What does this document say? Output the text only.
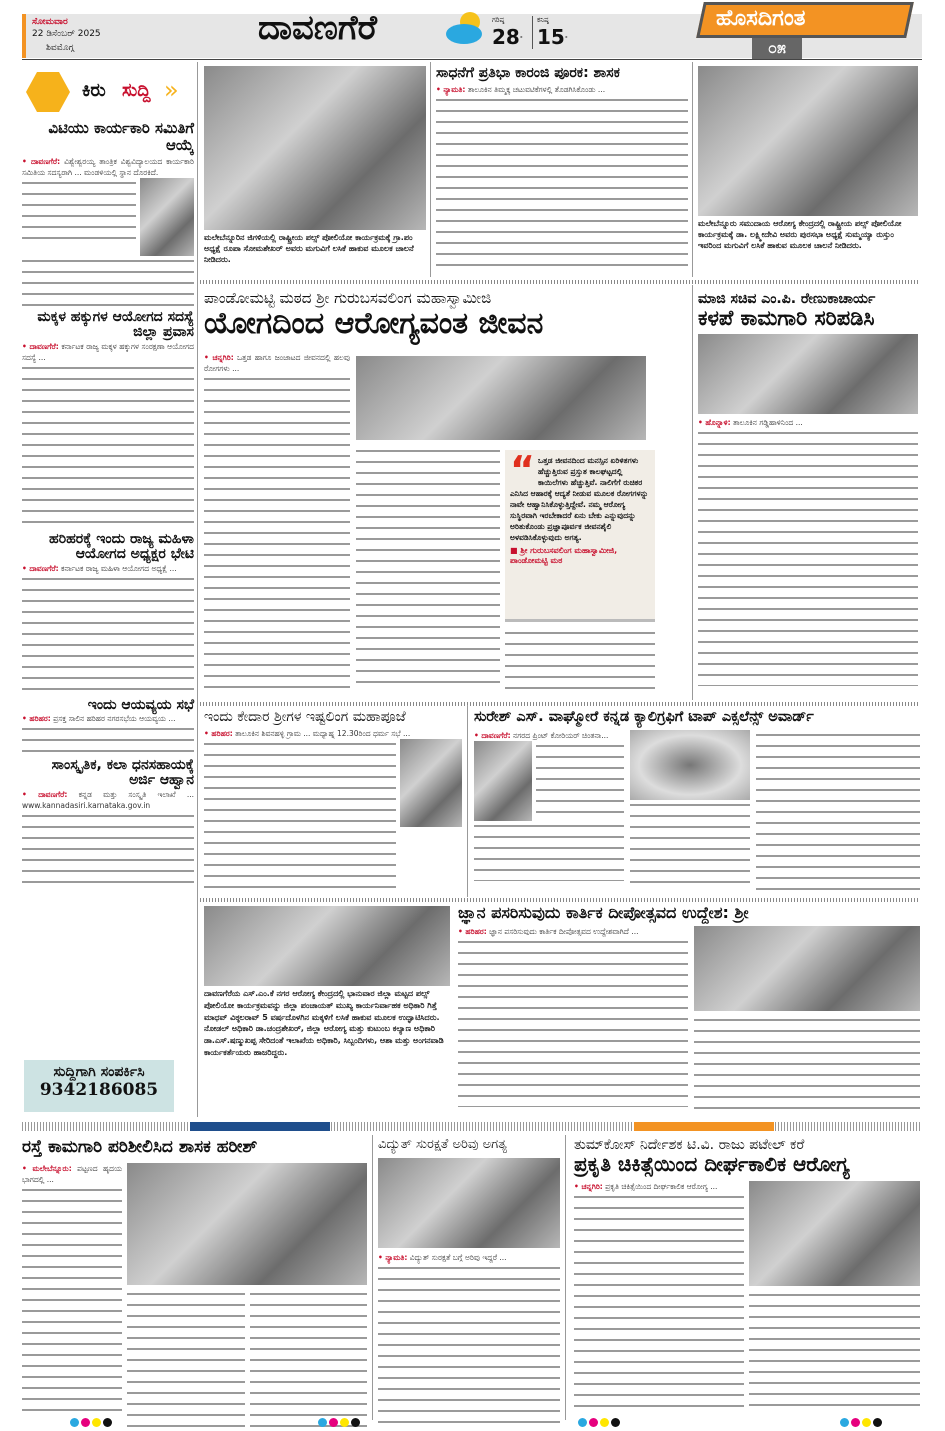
ಸೋಮವಾರ
22 ಡಿಸೆಂಬರ್ 2025
ಶಿವಮೊಗ್ಗ	ದಾವಣಗೆರೆ	ಗರಿಷ್ಠ
28°
ಕನಿಷ್ಠ
15°
ಹೊಸದಿಗಂತ
೦೫
ಕಿರು ಸುದ್ದಿ »
ವಿಟಿಯು ಕಾರ್ಯಕಾರಿ ಸಮಿತಿಗೆ ಆಯ್ಕೆ
• ದಾವಣಗೆರೆ: ವಿಶ್ವೇಶ್ವರಯ್ಯ ತಾಂತ್ರಿಕ ವಿಶ್ವವಿದ್ಯಾಲಯದ ಕಾರ್ಯಕಾರಿ ಸಮಿತಿಯ ಸದಸ್ಯರಾಗಿ ... ಮಂಡಳಿಯಲ್ಲಿ ಸ್ಥಾನ ದೊರಕಿದೆ.
ಮಕ್ಕಳ ಹಕ್ಕುಗಳ ಆಯೋಗದ ಸದಸ್ಯೆ ಜಿಲ್ಲಾ ಪ್ರವಾಸ
• ದಾವಣಗೆರೆ: ಕರ್ನಾಟಕ ರಾಜ್ಯ ಮಕ್ಕಳ ಹಕ್ಕುಗಳ ಸಂರಕ್ಷಣಾ ಆಯೋಗದ ಸದಸ್ಯೆ ...
ಹರಿಹರಕ್ಕೆ ಇಂದು ರಾಜ್ಯ ಮಹಿಳಾ ಆಯೋಗದ ಅಧ್ಯಕ್ಷರ ಭೇಟಿ
• ದಾವಣಗೆರೆ: ಕರ್ನಾಟಕ ರಾಜ್ಯ ಮಹಿಳಾ ಆಯೋಗದ ಅಧ್ಯಕ್ಷೆ ...
ಇಂದು ಆಯವ್ಯಯ ಸಭೆ
• ಹರಿಹರ: ಪ್ರಸಕ್ತ ಸಾಲಿನ ಹರಿಹರ ನಗರಸಭೆಯ ಆಯವ್ಯಯ ...
ಸಾಂಸ್ಕೃತಿಕ, ಕಲಾ ಧನಸಹಾಯಕ್ಕೆ ಅರ್ಜಿ ಆಹ್ವಾನ
• ದಾವಣಗೆರೆ: ಕನ್ನಡ ಮತ್ತು ಸಂಸ್ಕೃತಿ ಇಲಾಖೆ ... www.kannadasiri.karnataka.gov.in
ಸುದ್ದಿಗಾಗಿ ಸಂಪರ್ಕಿಸಿ
9342186085
ಮಲೇಬೆನ್ನೂರಿನ ಜಿಗಳಿಯಲ್ಲಿ ರಾಷ್ಟ್ರೀಯ ಪಲ್ಸ್ ಪೋಲಿಯೋ ಕಾರ್ಯಕ್ರಮಕ್ಕೆ ಗ್ರಾ.ಪಂ ಅಧ್ಯಕ್ಷೆ ರೂಪಾ ಸೋಮಶೇಖರ್ ಅವರು ಮಗುವಿಗೆ ಲಸಿಕೆ ಹಾಕುವ ಮೂಲಕ ಚಾಲನೆ ನೀಡಿದರು.
ಸಾಧನೆಗೆ ಪ್ರತಿಭಾ ಕಾರಂಜಿ ಪೂರಕ: ಶಾಸಕ
• ನ್ಯಾಮತಿ: ತಾಲೂಕಿನ ತಿಮ್ಮಕ್ಕ ಚಟುವಟಿಕೆಗಳಲ್ಲಿ ತೊಡಗಿಸಿಕೊಂಡು ...
ಮಲೇಬೆನ್ನೂರು ಸಮುದಾಯ ಆರೋಗ್ಯ ಕೇಂದ್ರದಲ್ಲಿ ರಾಷ್ಟ್ರೀಯ ಪಲ್ಸ್ ಪೋಲಿಯೋ ಕಾರ್ಯಕ್ರಮಕ್ಕೆ ಡಾ. ಲಕ್ಷ್ಮೀದೇವಿ ಅವರು ಪುರಸಭಾ ಅಧ್ಯಕ್ಷೆ ಸುಮ್ಮಯ್ಯಾ ರುಸ್ತುಂ ಇವರಿಂದ ಮಗುವಿಗೆ ಲಸಿಕೆ ಹಾಕುವ ಮೂಲಕ ಚಾಲನೆ ನೀಡಿದರು.
ಪಾಂಡೋಮಟ್ಟಿ ಮಠದ ಶ್ರೀ ಗುರುಬಸವಲಿಂಗ ಮಹಾಸ್ವಾಮೀಜಿ
ಯೋಗದಿಂದ ಆರೋಗ್ಯವಂತ ಜೀವನ
• ಚನ್ನಗಿರಿ: ಒತ್ತಡ ಹಾಗೂ ಜಂಜಾಟದ ಜೀವನದಲ್ಲಿ ಹಲವು ರೋಗಗಳು ...
“ ಒತ್ತಡ ಜೀವನದಿಂದ ಮನಸ್ಸಿನ ಏರಿಳಿತಗಳು ಹೆಚ್ಚುತ್ತಿರುವ ಪ್ರಸ್ತುತ ಕಾಲಘಟ್ಟದಲ್ಲಿ ಕಾಯಿಲೆಗಳು ಹೆಚ್ಚುತ್ತಿವೆ. ನಾಲಿಗೆಗೆ ರುಚಿಕರ ಎನಿಸಿದ ಆಹಾರಕ್ಕೆ ಆದ್ಯತೆ ನೀಡುವ ಮೂಲಕ ರೋಗಗಳನ್ನು ನಾವೇ ಆಹ್ವಾನಿಸಿಕೊಳ್ಳುತ್ತಿದ್ದೇವೆ. ನಮ್ಮ ಆರೋಗ್ಯ ಸುಸ್ಥಿರವಾಗಿ ಇರಬೇಕಾದರೆ ಏನು ಬೇಕು ಎನ್ನುವುದನ್ನು ಅರಿತುಕೊಂಡು ಪ್ರಜ್ಞಾಪೂರ್ವಕ ಜೀವನಶೈಲಿ ಅಳವಡಿಸಿಕೊಳ್ಳುವುದು ಅಗತ್ಯ.
■ ಶ್ರೀ ಗುರುಬಸವಲಿಂಗ ಮಹಾಸ್ವಾಮೀಜಿ, ಪಾಂಡೋಮಟ್ಟಿ ಮಠ
ಮಾಜಿ ಸಚಿವ ಎಂ.ಪಿ. ರೇಣುಕಾಚಾರ್ಯ
ಕಳಪೆ ಕಾಮಗಾರಿ ಸರಿಪಡಿಸಿ
• ಹೊನ್ನಾಳಿ: ತಾಲೂಕಿನ ಗಡ್ಡಿಹಾಳಿನಿಂದ ...
ಇಂದು ಕೇದಾರ ಶ್ರೀಗಳ ಇಷ್ಟಲಿಂಗ ಮಹಾಪೂಜೆ
• ಹರಿಹರ: ತಾಲೂಕಿನ ಶಿವನಹಳ್ಳಿ ಗ್ರಾಮ ... ಮಧ್ಯಾಹ್ನ 12.30ರಿಂದ ಧರ್ಮ ಸಭೆ ...
ಸುರೇಶ್ ಎಸ್. ವಾಘ್ಮೋರೆ ಕನ್ನಡ ಕ್ಯಾಲಿಗ್ರಫಿಗೆ ಟಾಪ್ ಎಕ್ಸಲೆನ್ಸ್ ಅವಾರ್ಡ್
• ದಾವಣಗೆರೆ: ನಗರದ ಪ್ರಿಂಟ್ ಕೋರಿಯರ್ ಚಿಂತನಾ...
ದಾವಣಗೆರೆಯ ಎಸ್.ಎಂ.ಕೆ ನಗರ ಆರೋಗ್ಯ ಕೇಂದ್ರದಲ್ಲಿ ಭಾನುವಾರ ಜಿಲ್ಲಾ ಮಟ್ಟದ ಪಲ್ಸ್ ಪೋಲಿಯೋ ಕಾರ್ಯಕ್ರಮವನ್ನು ಜಿಲ್ಲಾ ಪಂಚಾಯತ್ ಮುಖ್ಯ ಕಾರ್ಯನಿರ್ವಾಹಕ ಅಧಿಕಾರಿ ಗಿತ್ತೆ ಮಾಧವ್ ವಿಠ್ಠಲರಾವ್ 5 ವರ್ಷದೊಳಗಿನ ಮಕ್ಕಳಿಗೆ ಲಸಿಕೆ ಹಾಕುವ ಮೂಲಕ ಉದ್ಘಾಟಿಸಿದರು. ನೋಡಲ್ ಅಧಿಕಾರಿ ಡಾ.ಚಂದ್ರಶೇಖರ್, ಜಿಲ್ಲಾ ಆರೋಗ್ಯ ಮತ್ತು ಕುಟುಂಬ ಕಲ್ಯಾಣ ಅಧಿಕಾರಿ ಡಾ.ಎಸ್.ಷಣ್ಮುಖಪ್ಪ ಸೇರಿದಂತೆ ಇಲಾಖೆಯ ಅಧಿಕಾರಿ, ಸಿಬ್ಬಂದಿಗಳು, ಆಶಾ ಮತ್ತು ಅಂಗನವಾಡಿ ಕಾರ್ಯಕರ್ತೆಯರು ಹಾಜರಿದ್ದರು.
ಜ್ಞಾನ ಪಸರಿಸುವುದು ಕಾರ್ತಿಕ ದೀಪೋತ್ಸವದ ಉದ್ದೇಶ: ಶ್ರೀ
• ಹರಿಹರ: ಜ್ಞಾನ ಪಸರಿಸುವುದು ಕಾರ್ತಿಕ ದೀಪೋತ್ಸವದ ಉದ್ದೇಶವಾಗಿದೆ ...
ರಸ್ತೆ ಕಾಮಗಾರಿ ಪರಿಶೀಲಿಸಿದ ಶಾಸಕ ಹರೀಶ್
• ಮಲೇಬೆನ್ನೂರು: ಪಟ್ಟಣದ ಹೃದಯ ಭಾಗದಲ್ಲಿ ...
ವಿದ್ಯುತ್ ಸುರಕ್ಷತೆ ಅರಿವು ಅಗತ್ಯ
• ನ್ಯಾಮತಿ: ವಿದ್ಯುತ್ ಸುರಕ್ಷತೆ ಬಗ್ಗೆ ಅರಿವು ಇದ್ದರೆ ...
ತುಮ್‌ಕೋಸ್ ನಿರ್ದೇಶಕ ಟಿ.ವಿ. ರಾಜು ಪಟೇಲ್ ಕರೆ
ಪ್ರಕೃತಿ ಚಿಕಿತ್ಸೆಯಿಂದ ದೀರ್ಘಕಾಲಿಕ ಆರೋಗ್ಯ
• ಚನ್ನಗಿರಿ: ಪ್ರಕೃತಿ ಚಿಕಿತ್ಸೆಯಿಂದ ದೀರ್ಘಕಾಲಿಕ ಆರೋಗ್ಯ ...
